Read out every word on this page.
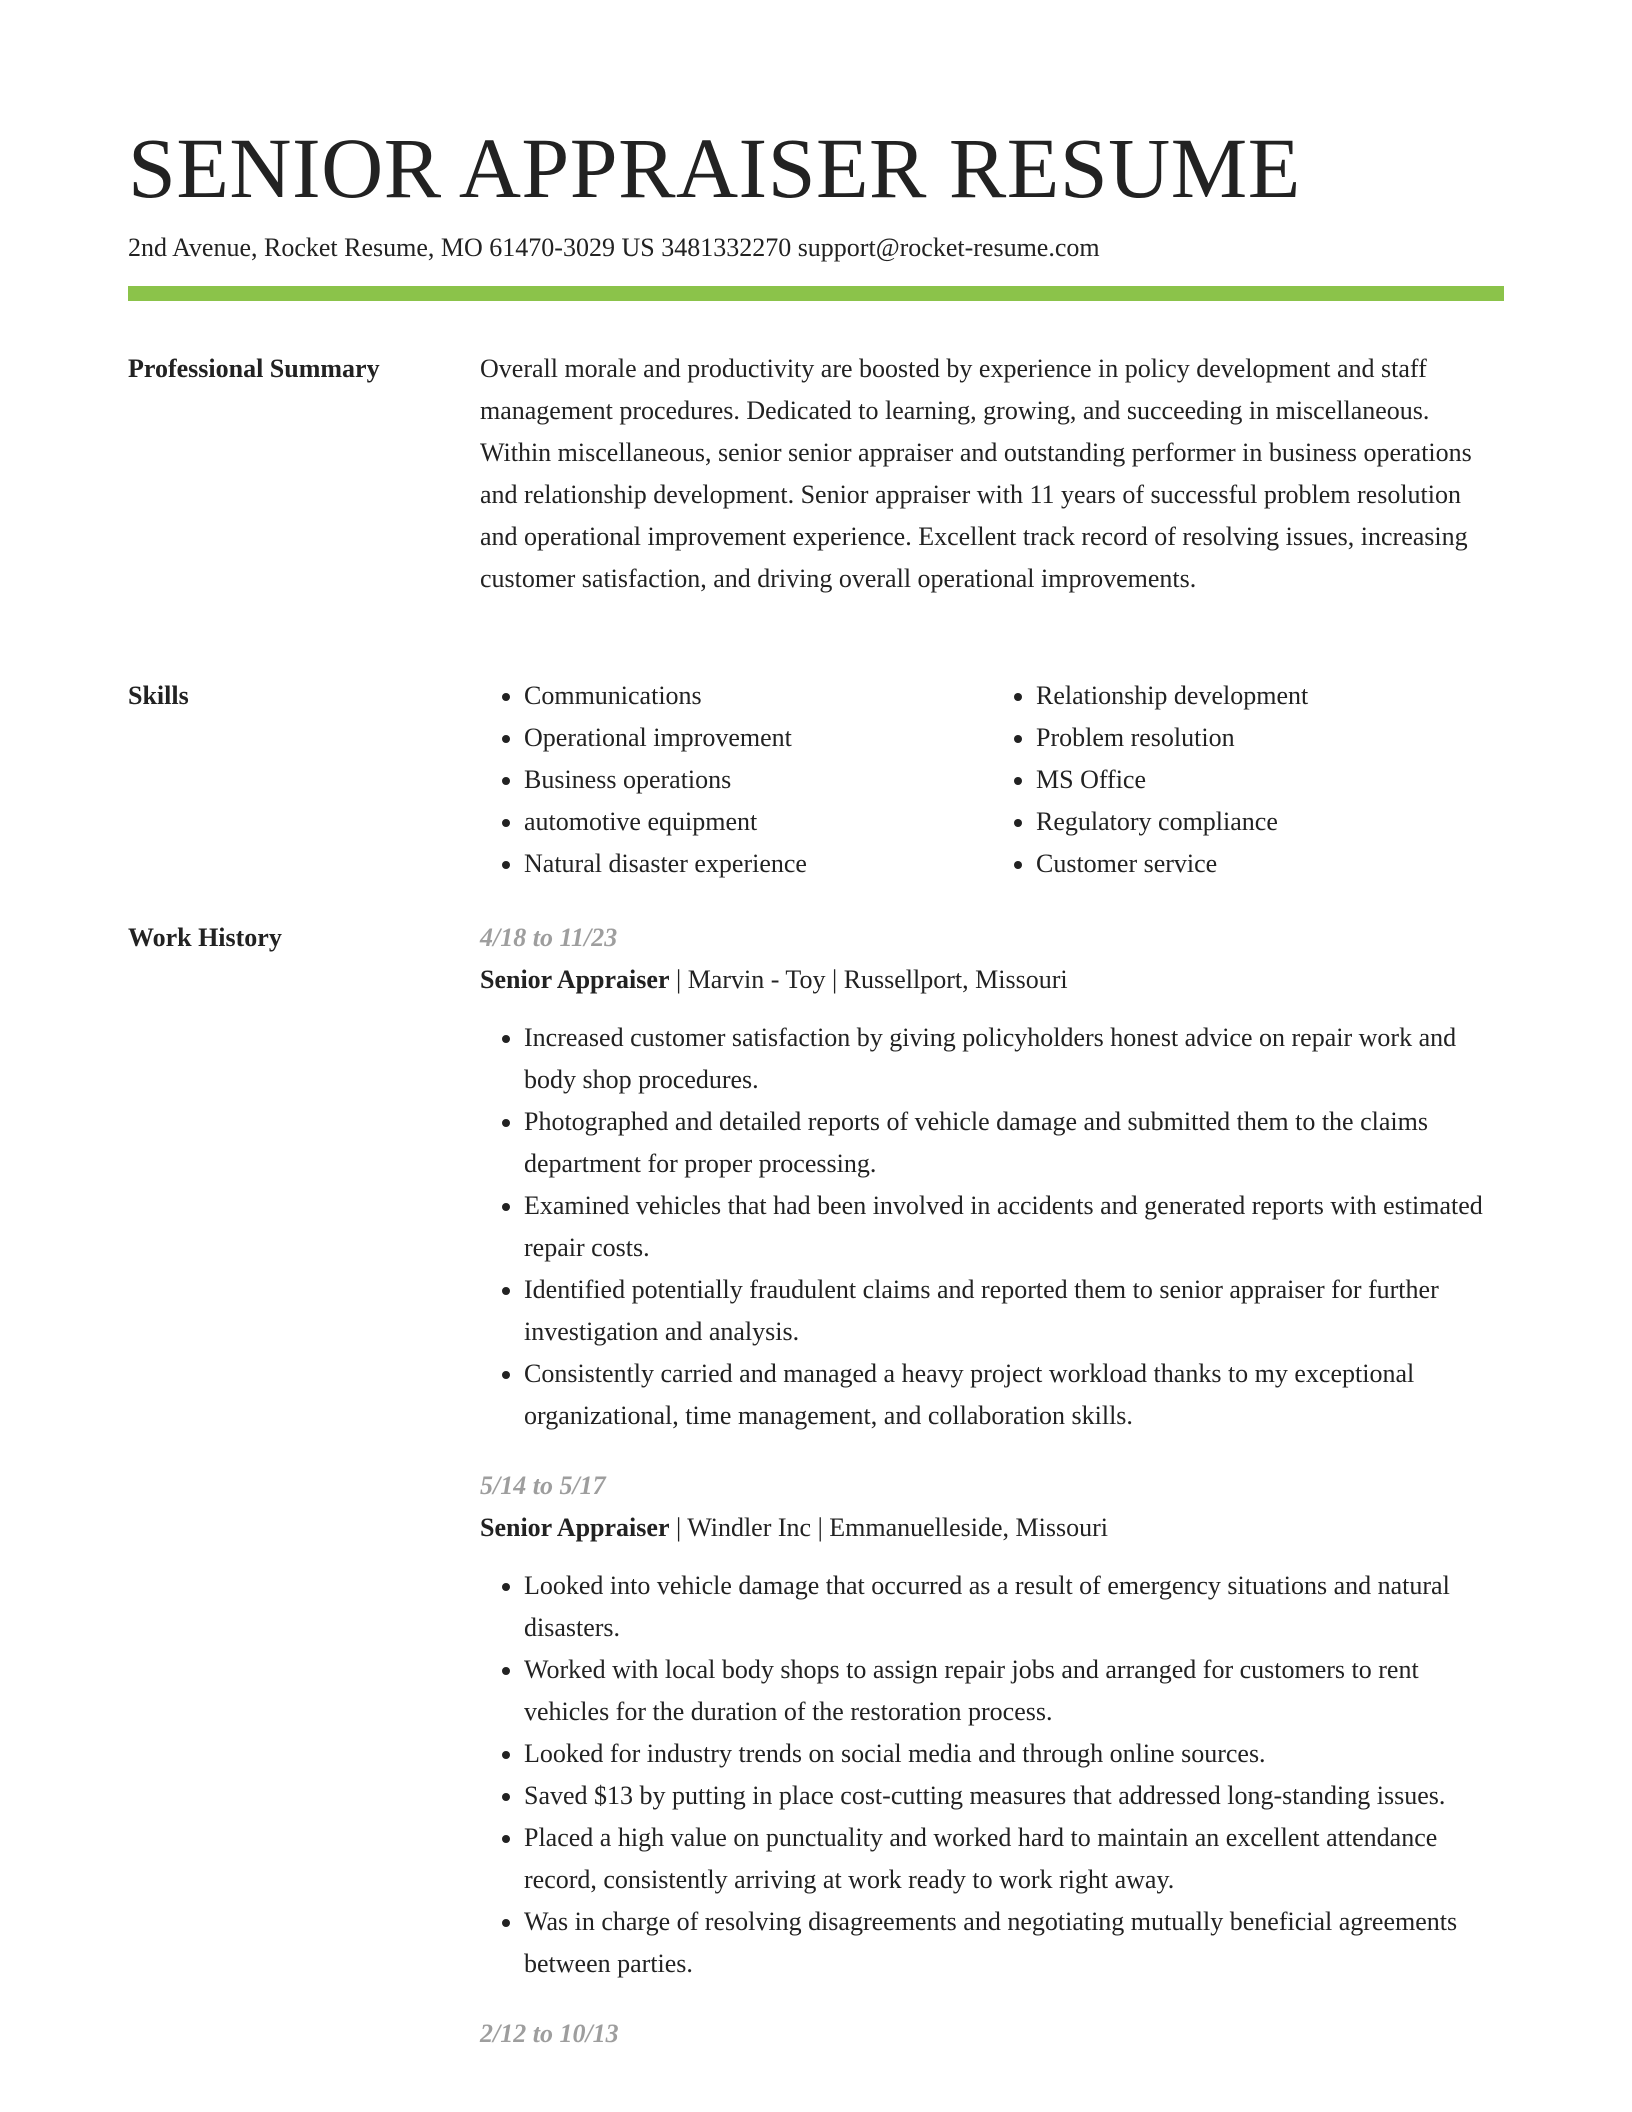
SENIOR APPRAISER RESUME
2nd Avenue, Rocket Resume, MO 61470-3029 US 3481332270 support@rocket-resume.com
Professional Summary	Overall morale and productivity are boosted by experience in policy development and staff management procedures. Dedicated to learning, growing, and succeeding in miscellaneous. Within miscellaneous, senior senior appraiser and outstanding performer in business operations and relationship development. Senior appraiser with 11 years of successful problem resolution and operational improvement experience. Excellent track record of resolving issues, increasing customer satisfaction, and driving overall operational improvements.

Skills
•	Communications
• Operational improvement
• Business operations
• automotive equipment
• Natural disaster experience
• Relationship development
• Problem resolution
• MS Office
• Regulatory compliance
• Customer service
Work History	4/18 to 11/23
Senior Appraiser | Marvin - Toy | Russellport, Missouri
• Increased customer satisfaction by giving policyholders honest advice on repair work and body shop procedures.
• Photographed and detailed reports of vehicle damage and submitted them to the claims department for proper processing.
• Examined vehicles that had been involved in accidents and generated reports with estimated repair costs.
• Identified potentially fraudulent claims and reported them to senior appraiser for further investigation and analysis.
• Consistently carried and managed a heavy project workload thanks to my exceptional organizational, time management, and collaboration skills.
5/14 to 5/17
Senior Appraiser | Windler Inc | Emmanuelleside, Missouri
• Looked into vehicle damage that occurred as a result of emergency situations and natural disasters.
• Worked with local body shops to assign repair jobs and arranged for customers to rent vehicles for the duration of the restoration process.
• Looked for industry trends on social media and through online sources.
• Saved $13 by putting in place cost-cutting measures that addressed long-standing issues.
• Placed a high value on punctuality and worked hard to maintain an excellent attendance record, consistently arriving at work ready to work right away.
• Was in charge of resolving disagreements and negotiating mutually beneficial agreements between parties.
2/12 to 10/13
